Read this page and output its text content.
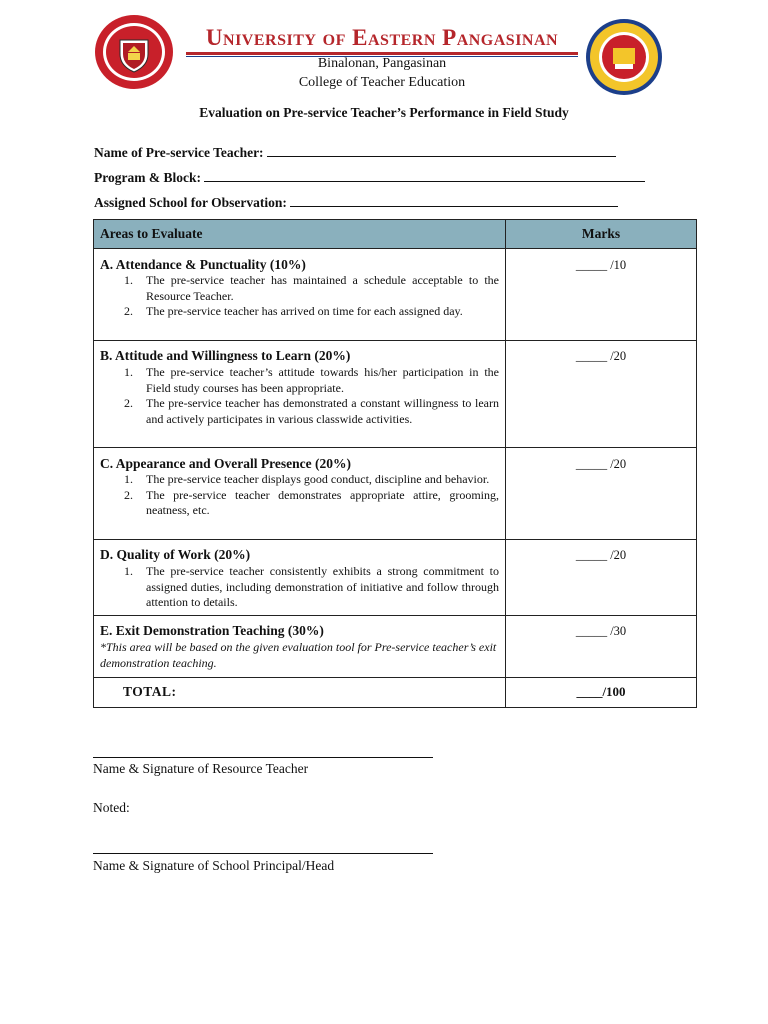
University of Eastern Pangasinan
Binalonan, Pangasinan
College of Teacher Education
Evaluation on Pre-service Teacher’s Performance in Field Study
Name of Pre-service Teacher:
Program & Block:
Assigned School for Observation:
Areas to Evaluate	Marks
A. Attendance & Punctuality (10%)	_____ /10
1. The pre-service teacher has maintained a schedule acceptable to the Resource Teacher.
2. The pre-service teacher has arrived on time for each assigned day.
B. Attitude and Willingness to Learn (20%)	_____ /20
1. The pre-service teacher’s attitude towards his/her participation in the Field study courses has been appropriate.
2. The pre-service teacher has demonstrated a constant willingness to learn and actively participates in various classwide activities.
C. Appearance and Overall Presence (20%)	_____ /20
1. The pre-service teacher displays good conduct, discipline and behavior.
2. The pre-service teacher demonstrates appropriate attire, grooming, neatness, etc.
D. Quality of Work (20%)	_____ /20
1. The pre-service teacher consistently exhibits a strong commitment to assigned duties, including demonstration of initiative and follow through attention to details.
E. Exit Demonstration Teaching (30%)	_____ /30
*This area will be based on the given evaluation tool for Pre-service teacher’s exit demonstration teaching.
TOTAL:	____/100
Name & Signature of Resource Teacher
Noted:
Name & Signature of School Principal/Head
